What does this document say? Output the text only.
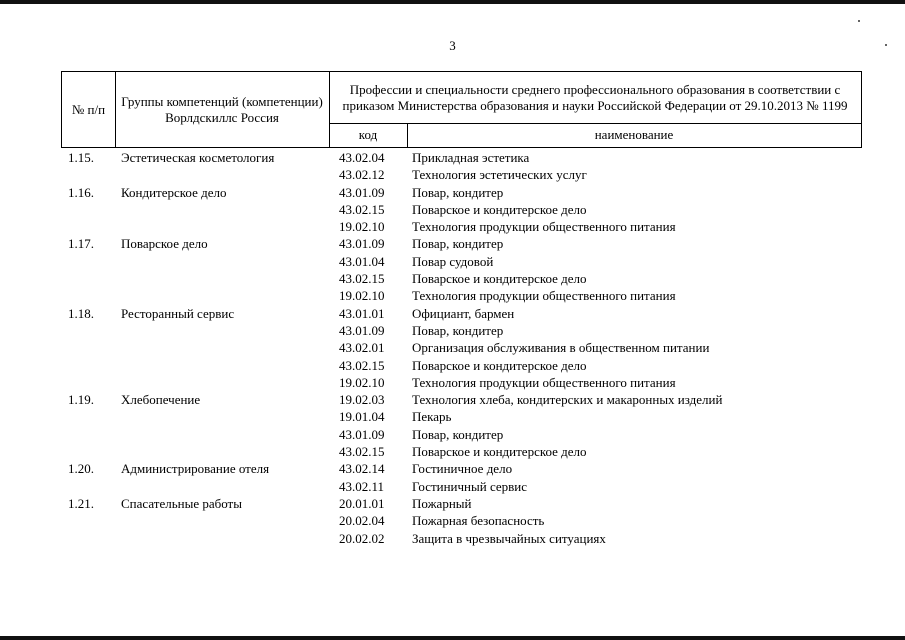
3
№ п/п
Группы компетенций (компетенции) Ворлдскиллс Россия
Профессии и специальности среднего профессионального образования в соответствии с приказом Министерства образования и науки Российской Федерации от 29.10.2013 № 1199
код	наименование
1.15. Эстетическая косметология	43.02.04 Прикладная эстетика
43.02.12 Технология эстетических услуг
1.16. Кондитерское дело	43.01.09 Повар, кондитер
43.02.15 Поварское и кондитерское дело
19.02.10 Технология продукции общественного питания
1.17. Поварское дело	43.01.09 Повар, кондитер
43.01.04 Повар судовой
43.02.15 Поварское и кондитерское дело
19.02.10 Технология продукции общественного питания
1.18. Ресторанный сервис	43.01.01 Официант, бармен
43.01.09 Повар, кондитер
43.02.01 Организация обслуживания в общественном питании
43.02.15 Поварское и кондитерское дело
19.02.10 Технология продукции общественного питания
1.19. Хлебопечение	19.02.03 Технология хлеба, кондитерских и макаронных изделий
19.01.04 Пекарь
43.01.09 Повар, кондитер
43.02.15 Поварское и кондитерское дело
1.20. Администрирование отеля	43.02.14 Гостиничное дело
43.02.11 Гостиничный сервис
1.21. Спасательные работы	20.01.01 Пожарный
20.02.04 Пожарная безопасность
20.02.02 Защита в чрезвычайных ситуациях
